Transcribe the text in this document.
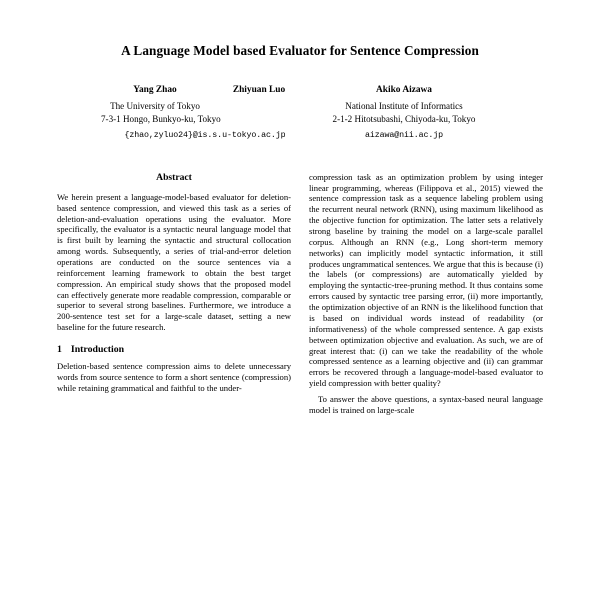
A Language Model based Evaluator for Sentence Compression
Yang Zhao	Zhiyuan Luo	Akiko Aizawa
The University of Tokyo
7-3-1 Hongo, Bunkyo-ku, Tokyo
National Institute of Informatics
2-1-2 Hitotsubashi, Chiyoda-ku, Tokyo
{zhao,zyluo24}@is.s.u-tokyo.ac.jp	aizawa@nii.ac.jp
Abstract

We herein present a language-model-based evaluator for deletion-based sentence compression, and viewed this task as a series of deletion-and-evaluation operations using the evaluator. More specifically, the evaluator is a syntactic neural language model that is first built by learning the syntactic and structural collocation among words. Subsequently, a series of trial-and-error deletion operations are conducted on the source sentences via a reinforcement learning framework to obtain the best target compression. An empirical study shows that the proposed model can effectively generate more readable compression, comparable or superior to several strong baselines. Furthermore, we introduce a 200-sentence test set for a large-scale dataset, setting a new baseline for the future research.

1 Introduction

Deletion-based sentence compression aims to delete unnecessary words from source sentence to form a short sentence (compression) while retaining grammatical and faithful to the under-

compression task as an optimization problem by using integer linear programming, whereas (Filippova et al., 2015) viewed the sentence compression task as a sequence labeling problem using the recurrent neural network (RNN), using maximum likelihood as the objective function for optimization. The latter sets a relatively strong baseline by training the model on a large-scale parallel corpus. Although an RNN (e.g., Long short-term memory networks) can implicitly model syntactic information, it still produces ungrammatical sentences. We argue that this is because (i) the labels (or compressions) are automatically yielded by employing the syntactic-tree-pruning method. It thus contains some errors caused by syntactic tree parsing error, (ii) more importantly, the optimization objective of an RNN is the likelihood function that is based on individual words instead of readability (or informativeness) of the whole compressed sentence. A gap exists between optimization objective and evaluation. As such, we are of great interest that: (i) can we take the readability of the whole compressed sentence as a learning objective and (ii) can grammar errors be recovered through a language-model-based evaluator to yield compression with better quality?

To answer the above questions, a syntax-based neural language model is trained on large-scale
